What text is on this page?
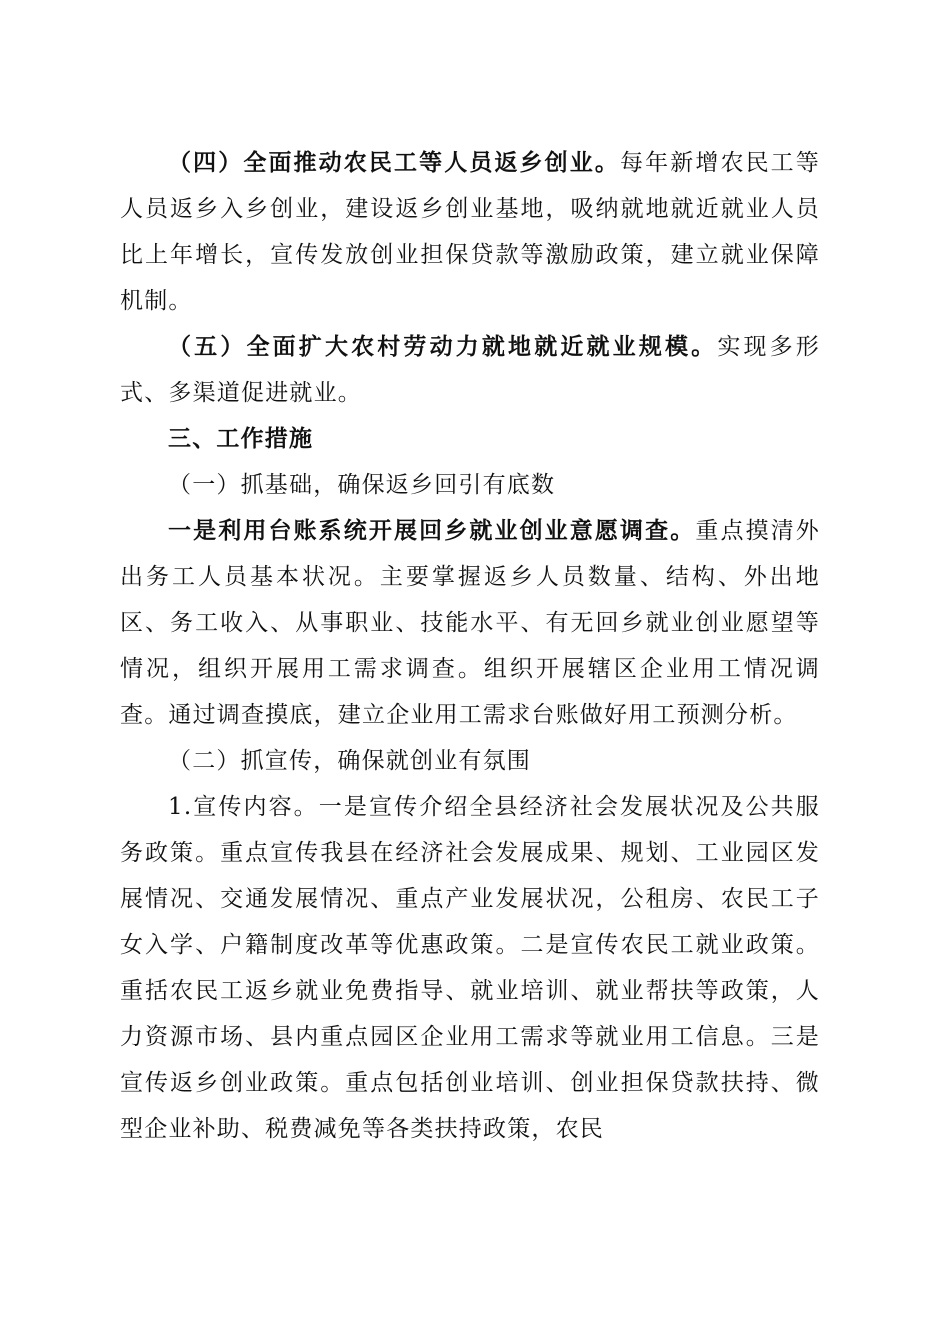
（四）全面推动农民工等人员返乡创业。每年新增农民工等人员返乡入乡创业，建设返乡创业基地，吸纳就地就近就业人员比上年增长，宣传发放创业担保贷款等激励政策，建立就业保障机制。

（五）全面扩大农村劳动力就地就近就业规模。实现多形式、多渠道促进就业。

三、工作措施

（一）抓基础，确保返乡回引有底数

一是利用台账系统开展回乡就业创业意愿调查。重点摸清外出务工人员基本状况。主要掌握返乡人员数量、结构、外出地区、务工收入、从事职业、技能水平、有无回乡就业创业愿望等情况，组织开展用工需求调查。组织开展辖区企业用工情况调查。通过调查摸底，建立企业用工需求台账做好用工预测分析。

（二）抓宣传，确保就创业有氛围

1.宣传内容。一是宣传介绍全县经济社会发展状况及公共服务政策。重点宣传我县在经济社会发展成果、规划、工业园区发展情况、交通发展情况、重点产业发展状况，公租房、农民工子女入学、户籍制度改革等优惠政策。二是宣传农民工就业政策。重括农民工返乡就业免费指导、就业培训、就业帮扶等政策，人力资源市场、县内重点园区企业用工需求等就业用工信息。三是宣传返乡创业政策。重点包括创业培训、创业担保贷款扶持、微型企业补助、税费减免等各类扶持政策，农民
